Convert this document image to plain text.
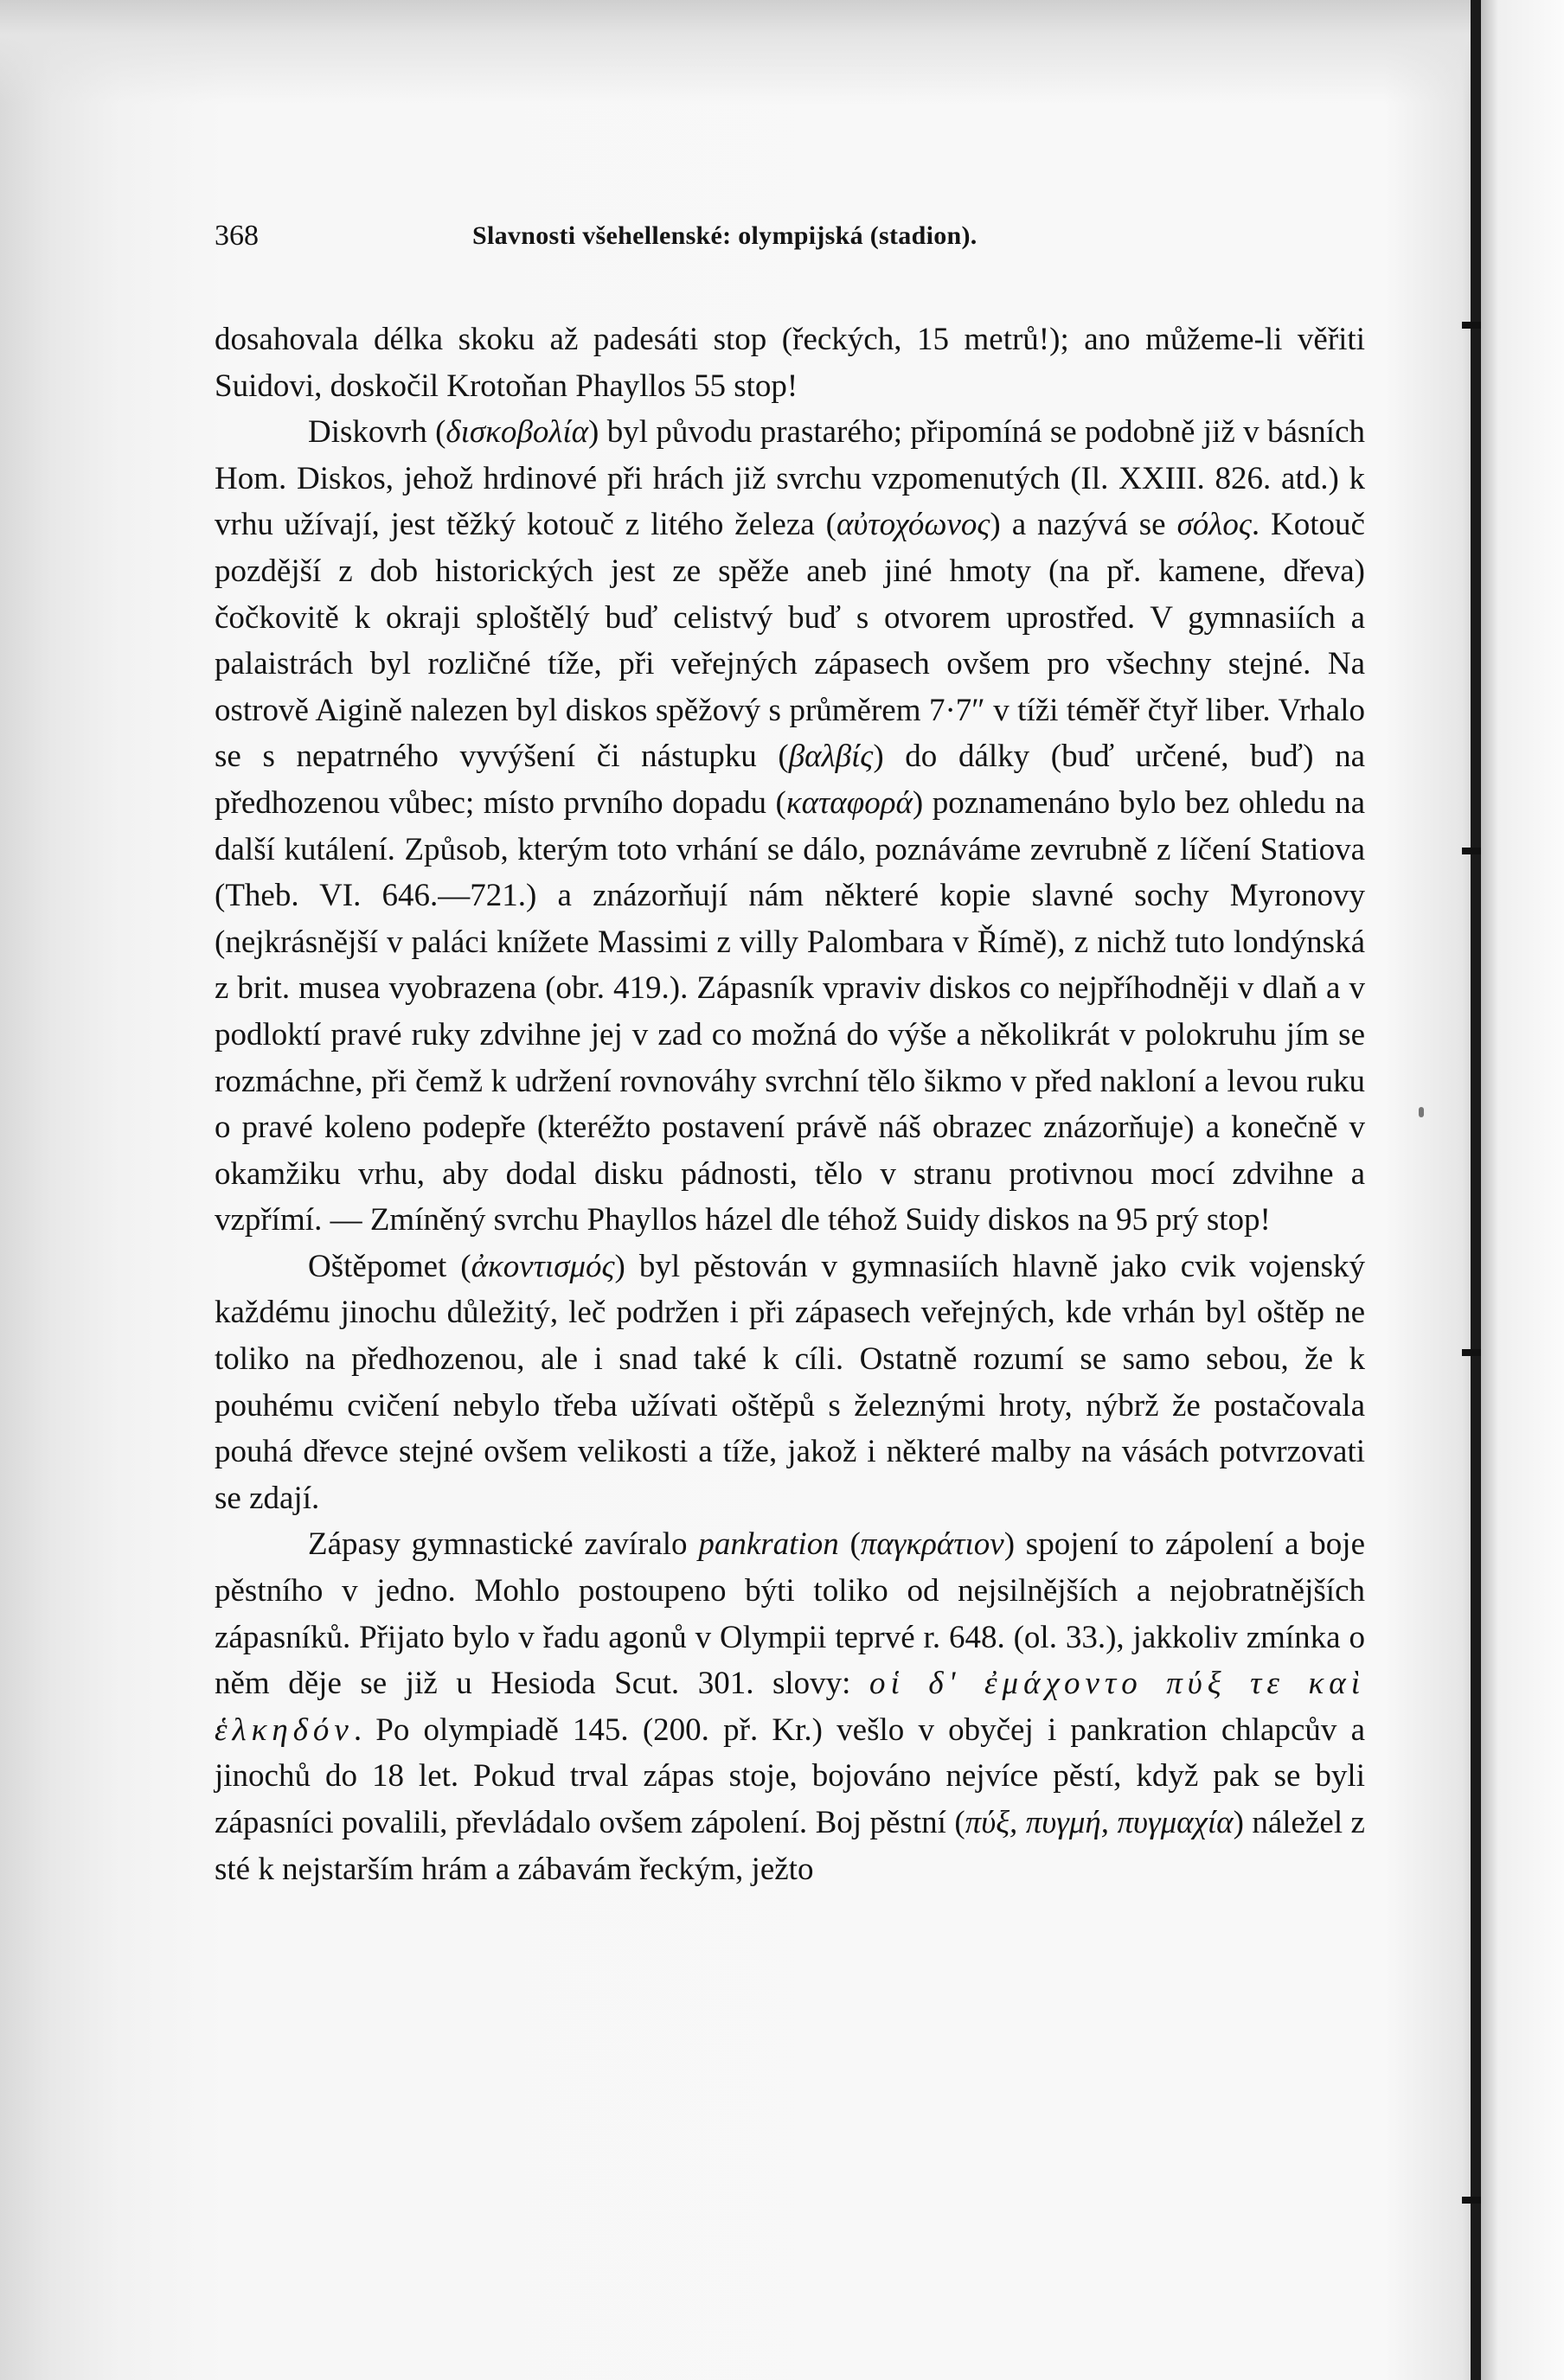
368	Slavnosti všehellenské: olympijská (stadion).

dosahovala délka skoku až padesáti stop (řeckých, 15 metrů!); ano můžeme-li věřiti Suidovi, doskočil Krotoňan Phayllos 55 stop!

Diskovrh (δισκοβολία) byl původu prastarého; připomíná se podobně již v básních Hom. Diskos, jehož hrdinové při hrách již svrchu vzpomenutých (Il. XXIII. 826. atd.) k vrhu užívají, jest těžký kotouč z litého železa (αὐτοχόωνος) a nazývá se σόλος. Kotouč pozdější z dob historických jest ze spěže aneb jiné hmoty (na př. kamene, dřeva) čočkovitě k okraji sploštělý buď celistvý buď s otvorem uprostřed. V gymnasiích a palaistrách byl rozličné tíže, při veřejných zápasech ovšem pro všechny stejné. Na ostrově Aigině nalezen byl diskos spěžový s průměrem 7·7″ v tíži téměř čtyř liber. Vrhalo se s nepatrného vyvýšení či nástupku (βαλβίς) do dálky (buď určené, buď) na předhozenou vůbec; místo prvního dopadu (καταφορά) poznamenáno bylo bez ohledu na další kutálení. Způsob, kterým toto vrhání se dálo, poznáváme zevrubně z líčení Statiova (Theb. VI. 646.—721.) a znázorňují nám některé kopie slavné sochy Myronovy (nejkrásnější v paláci knížete Massimi z villy Palombara v Římě), z nichž tuto londýnská z brit. musea vyobrazena (obr. 419.). Zápasník vpraviv diskos co nejpříhodněji v dlaň a v podloktí pravé ruky zdvihne jej v zad co možná do výše a několikrát v polokruhu jím se rozmáchne, při čemž k udržení rovnováhy svrchní tělo šikmo v před nakloní a levou ruku o pravé koleno podepře (kteréžto postavení právě náš obrazec znázorňuje) a konečně v okamžiku vrhu, aby dodal disku pádnosti, tělo v stranu protivnou mocí zdvihne a vzpřímí. — Zmíněný svrchu Phayllos házel dle téhož Suidy diskos na 95 prý stop!

Oštěpomet (ἀκοντισμός) byl pěstován v gymnasiích hlavně jako cvik vojenský každému jinochu důležitý, leč podržen i při zápasech veřejných, kde vrhán byl oštěp ne toliko na předhozenou, ale i snad také k cíli. Ostatně rozumí se samo sebou, že k pouhému cvičení nebylo třeba užívati oštěpů s železnými hroty, nýbrž že postačovala pouhá dřevce stejné ovšem velikosti a tíže, jakož i některé malby na vásách potvrzovati se zdají.

Zápasy gymnastické zavíralo pankration (παγκράτιον) spojení to zápolení a boje pěstního v jedno. Mohlo postoupeno býti toliko od nejsilnějších a nejobratnějších zápasníků. Přijato bylo v řadu agonů v Olympii teprvé r. 648. (ol. 33.), jakkoliv zmínka o něm děje se již u Hesioda Scut. 301. slovy: οἱ δ' ἐμάχοντο πύξ τε καὶ ἑλκηδόν. Po olympiadě 145. (200. př. Kr.) vešlo v obyčej i pankration chlapcův a jinochů do 18 let. Pokud trval zápas stoje, bojováno nejvíce pěstí, když pak se byli zápasníci povalili, převládalo ovšem zápolení. Boj pěstní (πύξ, πυγμή, πυγμαχία) náležel z sté k nejstarším hrám a zábavám řeckým, ježto
